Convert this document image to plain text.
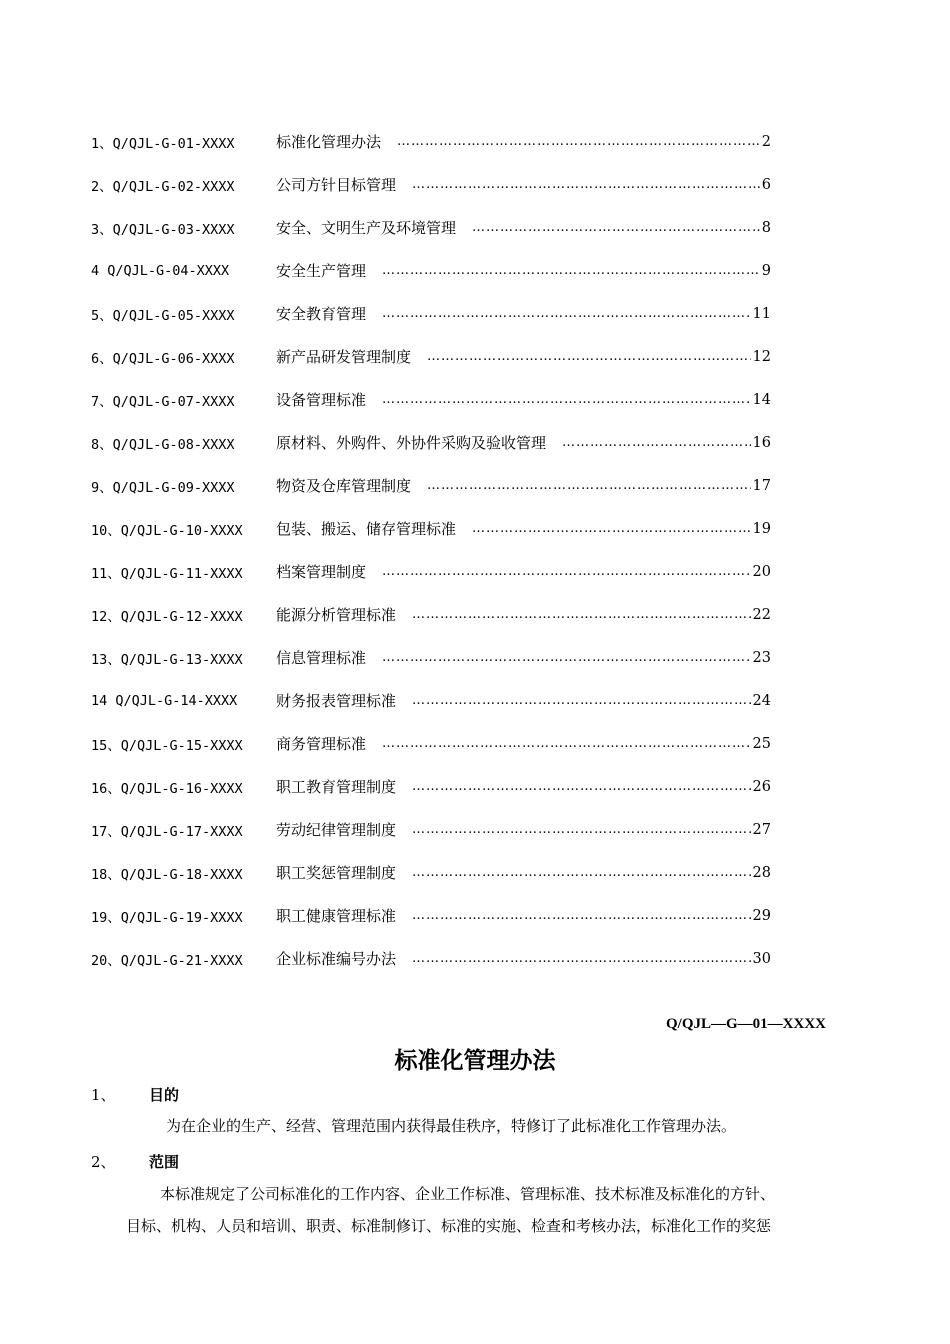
1、Q/QJL-G-01-XXXX	标准化管理办法 ……………………………………………………………………………………………………………………………………………………………………	2
2、Q/QJL-G-02-XXXX	公司方针目标管理 ……………………………………………………………………………………………………………………………………………………………………	6
3、Q/QJL-G-03-XXXX	安全、文明生产及环境管理 ……………………………………………………………………………………………………………………………………………………………………	8
4 Q/QJL-G-04-XXXX	安全生产管理 ……………………………………………………………………………………………………………………………………………………………………	9
5、Q/QJL-G-05-XXXX	安全教育管理 ……………………………………………………………………………………………………………………………………………………………………	11
6、Q/QJL-G-06-XXXX	新产品研发管理制度 ……………………………………………………………………………………………………………………………………………………………………	12
7、Q/QJL-G-07-XXXX	设备管理标准 ……………………………………………………………………………………………………………………………………………………………………	14
8、Q/QJL-G-08-XXXX	原材料、外购件、外协件采购及验收管理 ……………………………………………………………………………………………………………………………………………………………………	16
9、Q/QJL-G-09-XXXX	物资及仓库管理制度 ……………………………………………………………………………………………………………………………………………………………………	17
10、Q/QJL-G-10-XXXX	包装、搬运、储存管理标准 ……………………………………………………………………………………………………………………………………………………………………	19
11、Q/QJL-G-11-XXXX	档案管理制度 ……………………………………………………………………………………………………………………………………………………………………	20
12、Q/QJL-G-12-XXXX	能源分析管理标准 ……………………………………………………………………………………………………………………………………………………………………	22
13、Q/QJL-G-13-XXXX	信息管理标准 ……………………………………………………………………………………………………………………………………………………………………	23
14 Q/QJL-G-14-XXXX	财务报表管理标准 ……………………………………………………………………………………………………………………………………………………………………	24
15、Q/QJL-G-15-XXXX	商务管理标准 ……………………………………………………………………………………………………………………………………………………………………	25
16、Q/QJL-G-16-XXXX	职工教育管理制度 ……………………………………………………………………………………………………………………………………………………………………	26
17、Q/QJL-G-17-XXXX	劳动纪律管理制度 ……………………………………………………………………………………………………………………………………………………………………	27
18、Q/QJL-G-18-XXXX	职工奖惩管理制度 ……………………………………………………………………………………………………………………………………………………………………	28
19、Q/QJL-G-19-XXXX	职工健康管理标准 ……………………………………………………………………………………………………………………………………………………………………	29
20、Q/QJL-G-21-XXXX	企业标准编号办法 ……………………………………………………………………………………………………………………………………………………………………	30
Q/QJL—G—01—XXXX
标准化管理办法
1、 目的
为在企业的生产、经营、管理范围内获得最佳秩序，特修订了此标准化工作管理办法。
2、 范围
本标准规定了公司标准化的工作内容、企业工作标准、管理标准、技术标准及标准化的方针、
目标、机构、人员和培训、职责、标准制修订、标准的实施、检查和考核办法，标准化工作的奖惩
